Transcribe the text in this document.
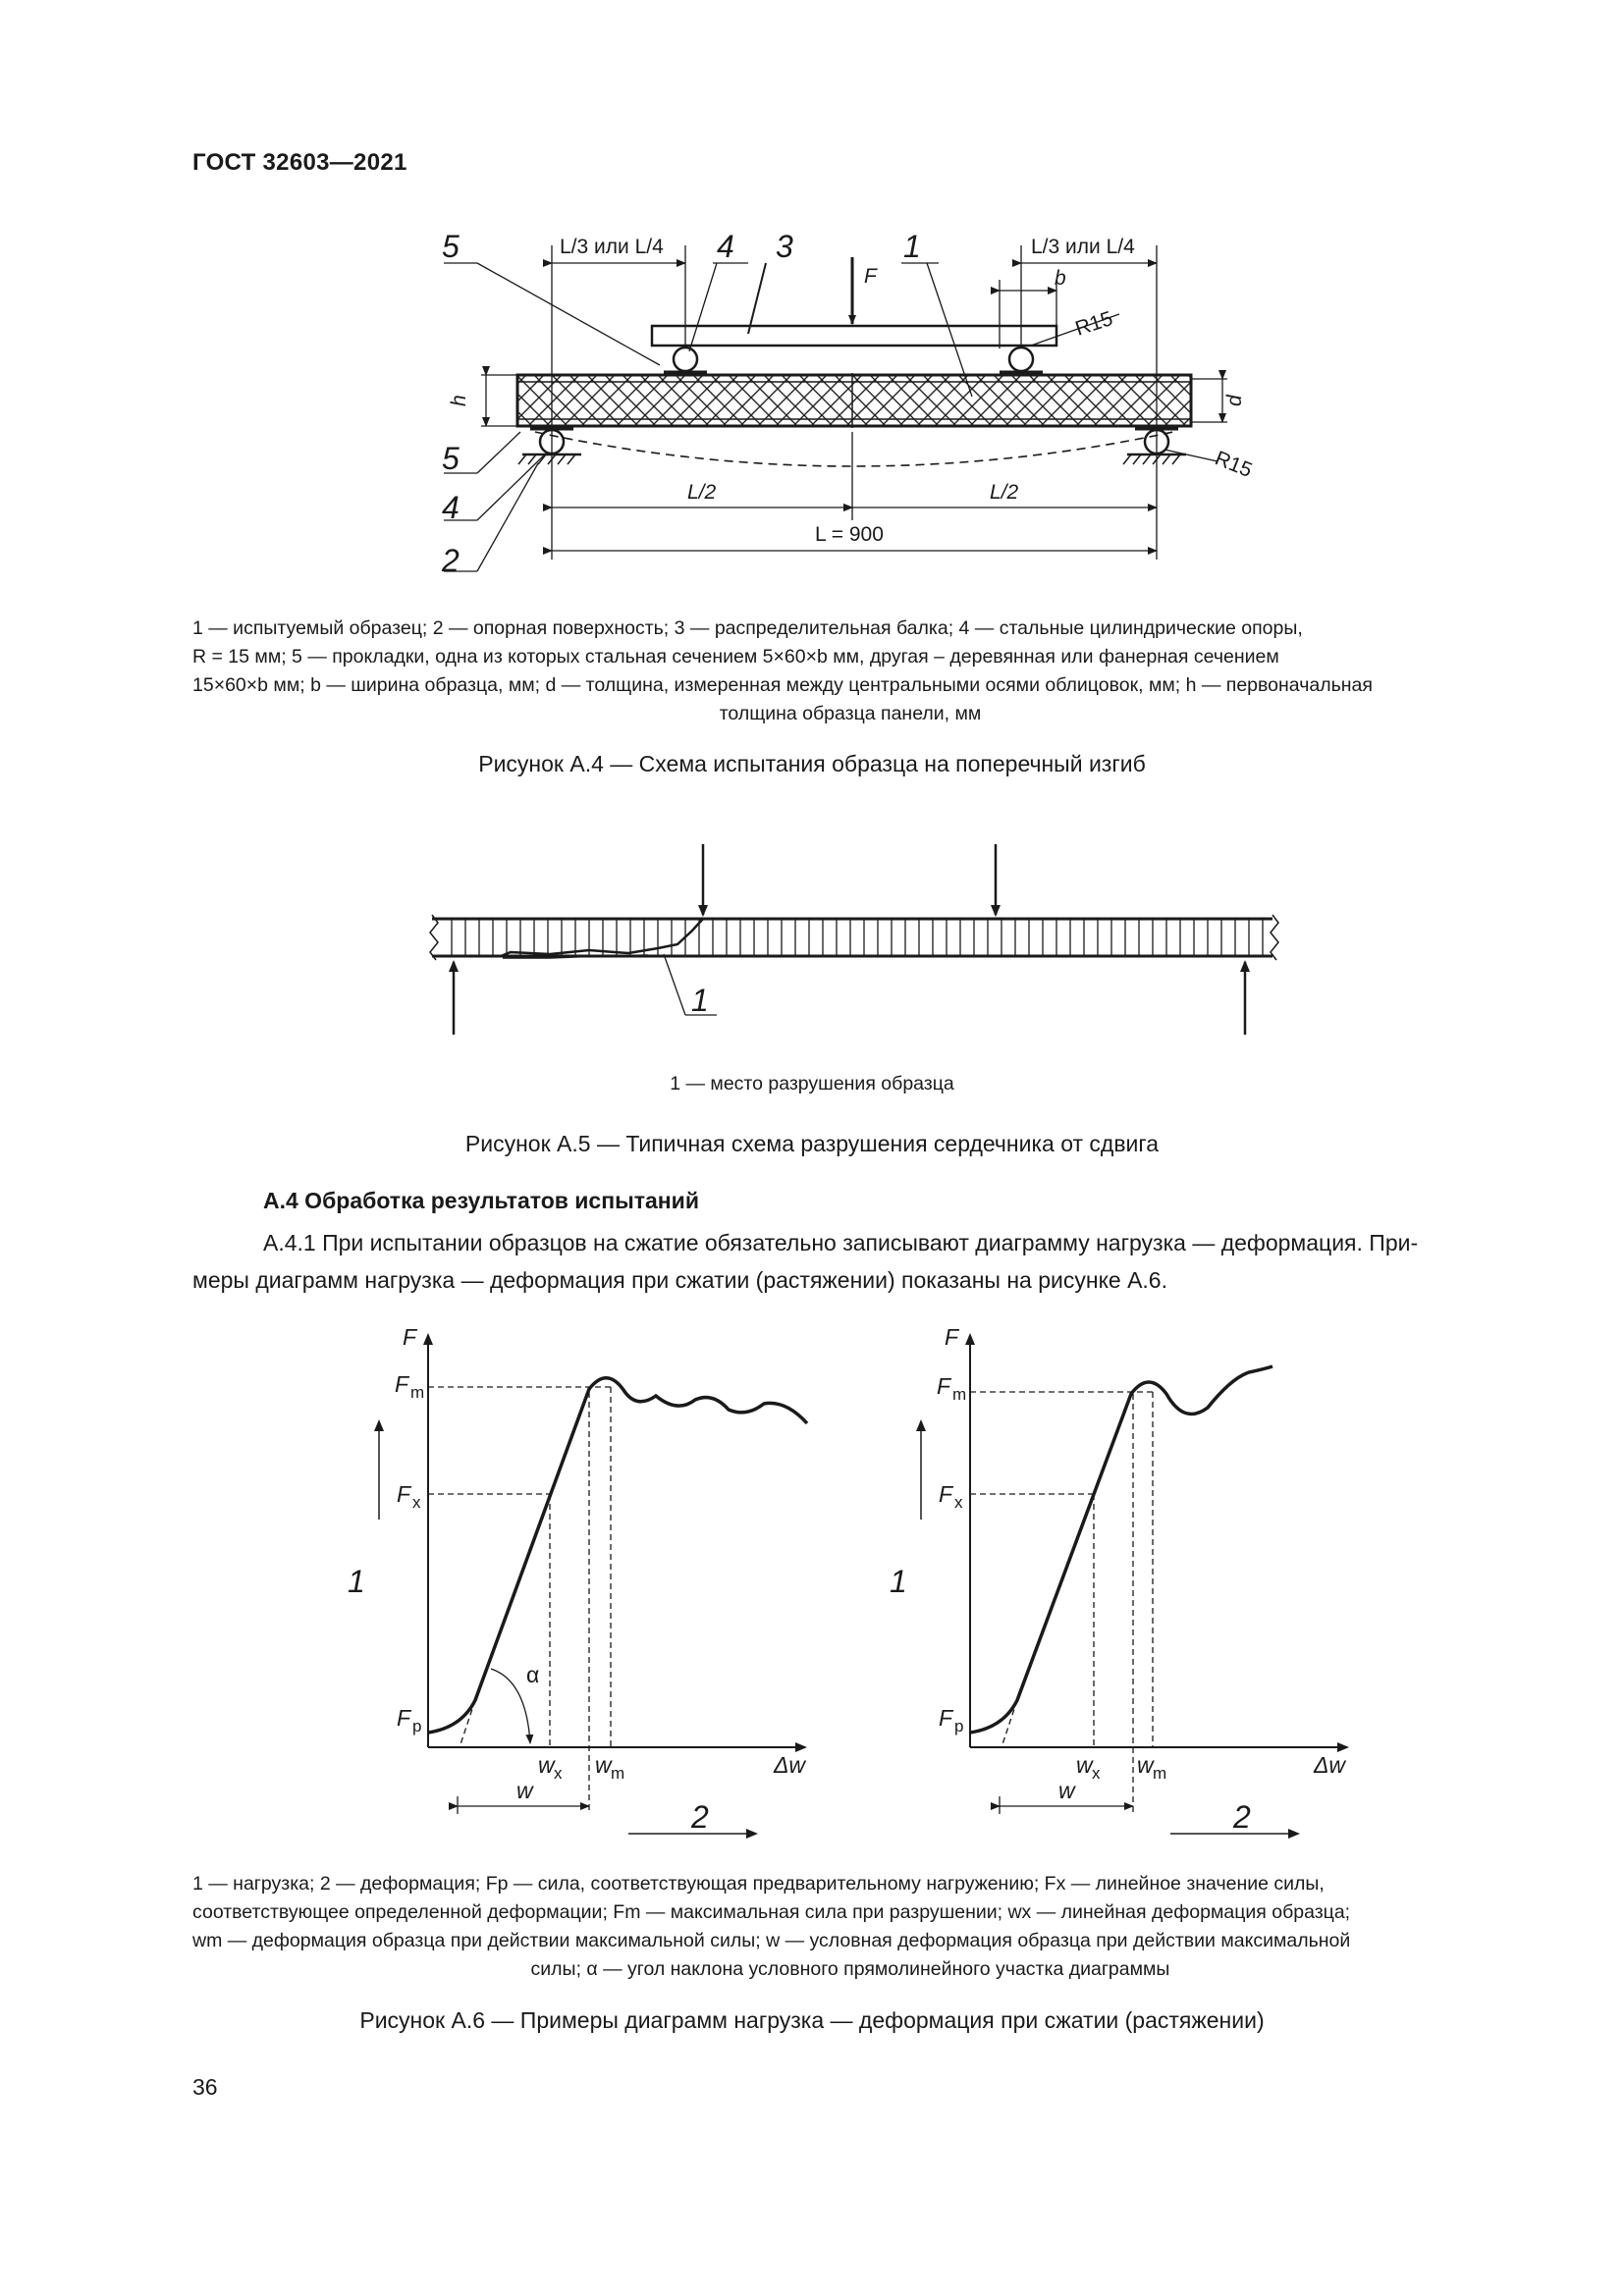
ГОСТ 32603—2021
5	4 3	1
5
4
2
L/3 или L/4	L/3 или L/4
F	b
R15
R15
h	d
L/2	L/2
L = 900
1 — испытуемый образец; 2 — опорная поверхность; 3 — распределительная балка; 4 — стальные цилиндрические опоры,
R = 15 мм; 5 — прокладки, одна из которых стальная сечением 5×60×b мм, другая – деревянная или фанерная сечением
15×60×b мм; b — ширина образца, мм; d — толщина, измеренная между центральными осями облицовок, мм; h — первоначальная
толщина образца панели, мм
Рисунок А.4 — Схема испытания образца на поперечный изгиб
1
1 — место разрушения образца
Рисунок А.5 — Типичная схема разрушения сердечника от сдвига
А.4 Обработка результатов испытаний
А.4.1 При испытании образцов на сжатие обязательно записывают диаграмму нагрузка — деформация. При-
меры диаграмм нагрузка — деформация при сжатии (растяжении) показаны на рисунке А.6.
F
F m
F x
F p
1
2
α
w x w m
w
Δw
F
F m
F x
F p
1
2
w x w m
w
Δw
1 — нагрузка; 2 — деформация; Fp — сила, соответствующая предварительному нагружению; Fx — линейное значение силы,
соответствующее определенной деформации; Fm — максимальная сила при разрушении; wx — линейная деформация образца;
wm — деформация образца при действии максимальной силы; w — условная деформация образца при действии максимальной
силы; α — угол наклона условного прямолинейного участка диаграммы
Рисунок А.6 — Примеры диаграмм нагрузка — деформация при сжатии (растяжении)
36
